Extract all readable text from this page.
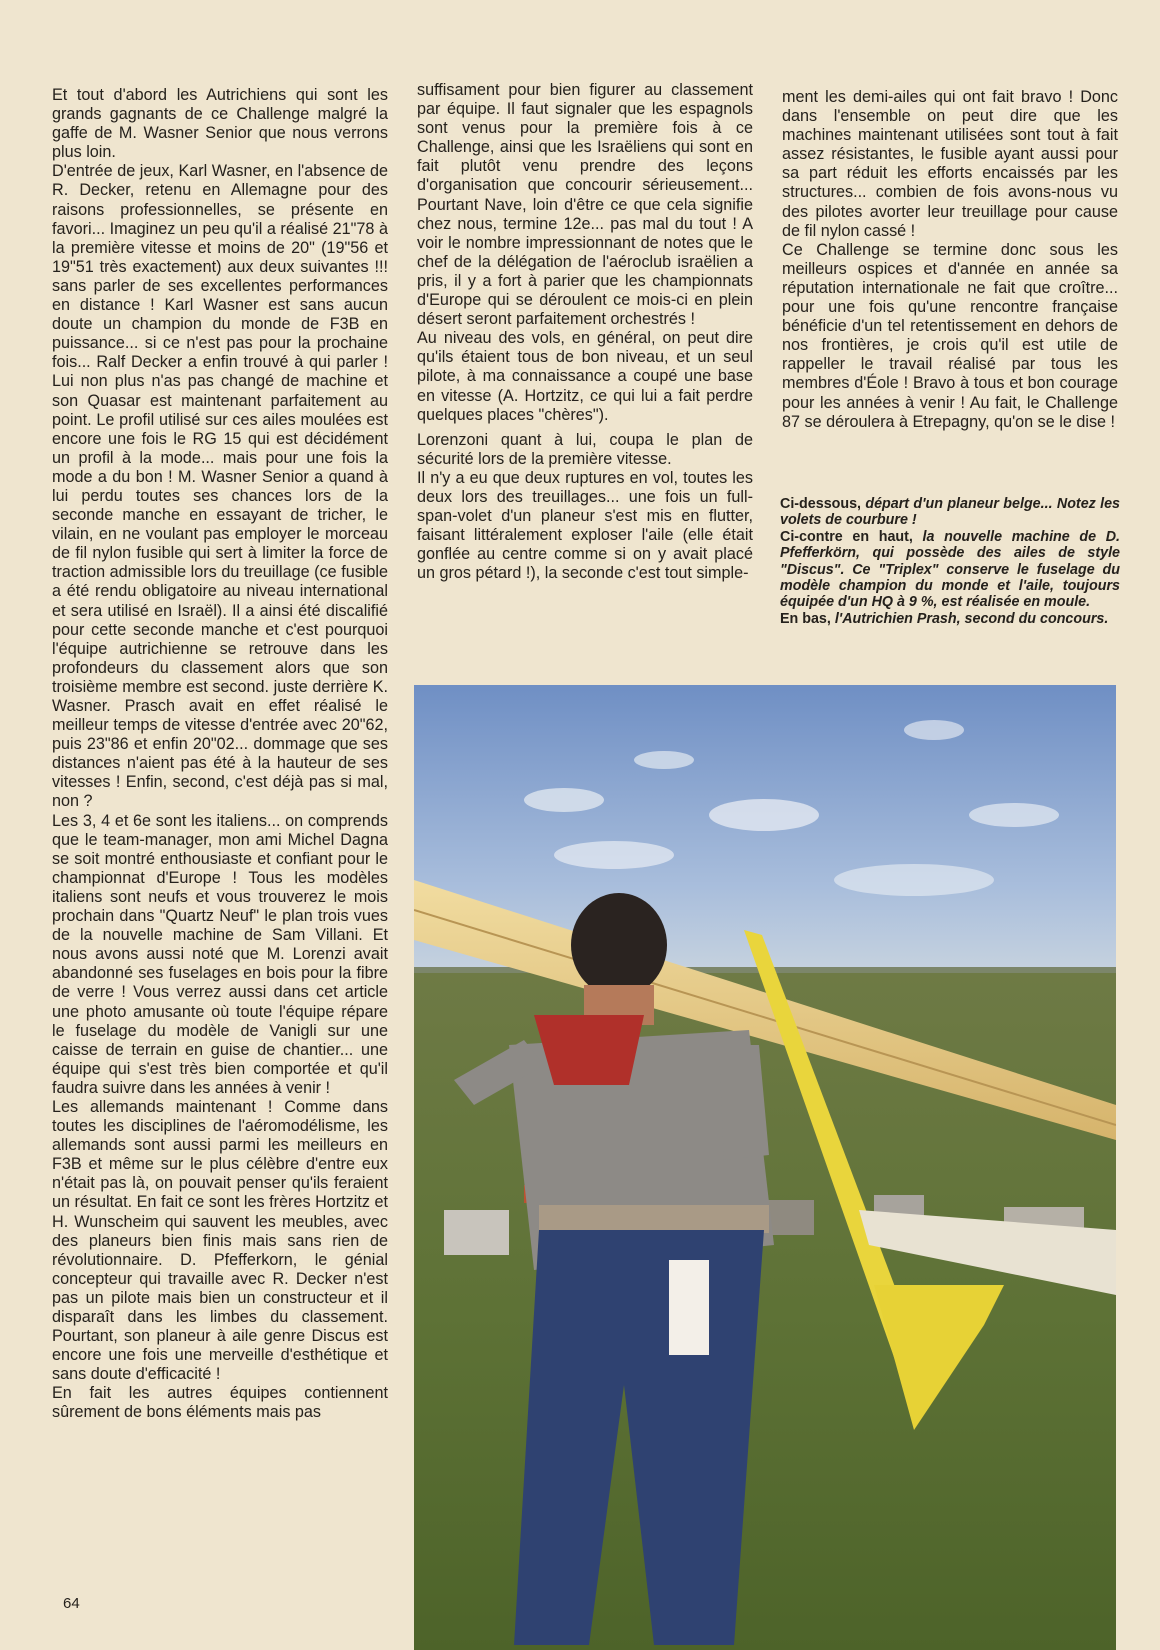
Et tout d'abord les Autrichiens qui sont les grands gagnants de ce Challenge malgré la gaffe de M. Wasner Senior que nous verrons plus loin.

D'entrée de jeux, Karl Wasner, en l'absence de R. Decker, retenu en Allemagne pour des raisons professionnelles, se présente en favori... Imaginez un peu qu'il a réalisé 21"78 à la première vitesse et moins de 20" (19"56 et 19"51 très exactement) aux deux suivantes !!! sans parler de ses excellentes performances en distance ! Karl Wasner est sans aucun doute un champion du monde de F3B en puissance... si ce n'est pas pour la prochaine fois... Ralf Decker a enfin trouvé à qui parler ! Lui non plus n'as pas changé de machine et son Quasar est maintenant parfaitement au point. Le profil utilisé sur ces ailes moulées est encore une fois le RG 15 qui est décidément un profil à la mode... mais pour une fois la mode a du bon ! M. Wasner Senior a quand à lui perdu toutes ses chances lors de la seconde manche en essayant de tricher, le vilain, en ne voulant pas employer le morceau de fil nylon fusible qui sert à limiter la force de traction admissible lors du treuillage (ce fusible a été rendu obligatoire au niveau international et sera utilisé en Israël). Il a ainsi été discalifié pour cette seconde manche et c'est pourquoi l'équipe autrichienne se retrouve dans les profondeurs du classement alors que son troisième membre est second. juste derrière K. Wasner. Prasch avait en effet réalisé le meilleur temps de vitesse d'entrée avec 20"62, puis 23"86 et enfin 20"02... dommage que ses distances n'aient pas été à la hauteur de ses vitesses ! Enfin, second, c'est déjà pas si mal, non ?

Les 3, 4 et 6e sont les italiens... on comprends que le team-manager, mon ami Michel Dagna se soit montré enthousiaste et confiant pour le championnat d'Europe ! Tous les modèles italiens sont neufs et vous trouverez le mois prochain dans "Quartz Neuf" le plan trois vues de la nouvelle machine de Sam Villani. Et nous avons aussi noté que M. Lorenzi avait abandonné ses fuselages en bois pour la fibre de verre ! Vous verrez aussi dans cet article une photo amusante où toute l'équipe répare le fuselage du modèle de Vanigli sur une caisse de terrain en guise de chantier... une équipe qui s'est très bien comportée et qu'il faudra suivre dans les années à venir !

Les allemands maintenant ! Comme dans toutes les disciplines de l'aéromodélisme, les allemands sont aussi parmi les meilleurs en F3B et même sur le plus célèbre d'entre eux n'était pas là, on pouvait penser qu'ils feraient un résultat. En fait ce sont les frères Hortzitz et H. Wunscheim qui sauvent les meubles, avec des planeurs bien finis mais sans rien de révolutionnaire. D. Pfefferkorn, le génial concepteur qui travaille avec R. Decker n'est pas un pilote mais bien un constructeur et il disparaît dans les limbes du classement. Pourtant, son planeur à aile genre Discus est encore une fois une merveille d'esthétique et sans doute d'efficacité !

En fait les autres équipes contiennent sûrement de bons éléments mais pas

suffisament pour bien figurer au classement par équipe. Il faut signaler que les espagnols sont venus pour la première fois à ce Challenge, ainsi que les Israëliens qui sont en fait plutôt venu prendre des leçons d'organisation que concourir sérieusement... Pourtant Nave, loin d'être ce que cela signifie chez nous, termine 12e... pas mal du tout ! A voir le nombre impressionnant de notes que le chef de la délégation de l'aéroclub israëlien a pris, il y a fort à parier que les championnats d'Europe qui se déroulent ce mois-ci en plein désert seront parfaitement orchestrés !

Au niveau des vols, en général, on peut dire qu'ils étaient tous de bon niveau, et un seul pilote, à ma connaissance a coupé une base en vitesse (A. Hortzitz, ce qui lui a fait perdre quelques places "chères").

Lorenzoni quant à lui, coupa le plan de sécurité lors de la première vitesse.

Il n'y a eu que deux ruptures en vol, toutes les deux lors des treuillages... une fois un full-span-volet d'un planeur s'est mis en flutter, faisant littéralement exploser l'aile (elle était gonflée au centre comme si on y avait placé un gros pétard !), la seconde c'est tout simple-

ment les demi-ailes qui ont fait bravo ! Donc dans l'ensemble on peut dire que les machines maintenant utilisées sont tout à fait assez résistantes, le fusible ayant aussi pour sa part réduit les efforts encaissés par les structures... combien de fois avons-nous vu des pilotes avorter leur treuillage pour cause de fil nylon cassé !

Ce Challenge se termine donc sous les meilleurs ospices et d'année en année sa réputation internationale ne fait que croître... pour une fois qu'une rencontre française bénéficie d'un tel retentissement en dehors de nos frontières, je crois qu'il est utile de rappeller le travail réalisé par tous les membres d'Éole ! Bravo à tous et bon courage pour les années à venir ! Au fait, le Challenge 87 se déroulera à Etrepagny, qu'on se le dise !

Ci-dessous, départ d'un planeur belge... Notez les volets de courbure !

Ci-contre en haut, la nouvelle machine de D. Pfefferkörn, qui possède des ailes de style "Discus". Ce "Triplex" conserve le fuselage du modèle champion du monde et l'aile, toujours équipée d'un HQ à 9 %, est réalisée en moule.

En bas, l'Autrichien Prash, second du concours.

64
